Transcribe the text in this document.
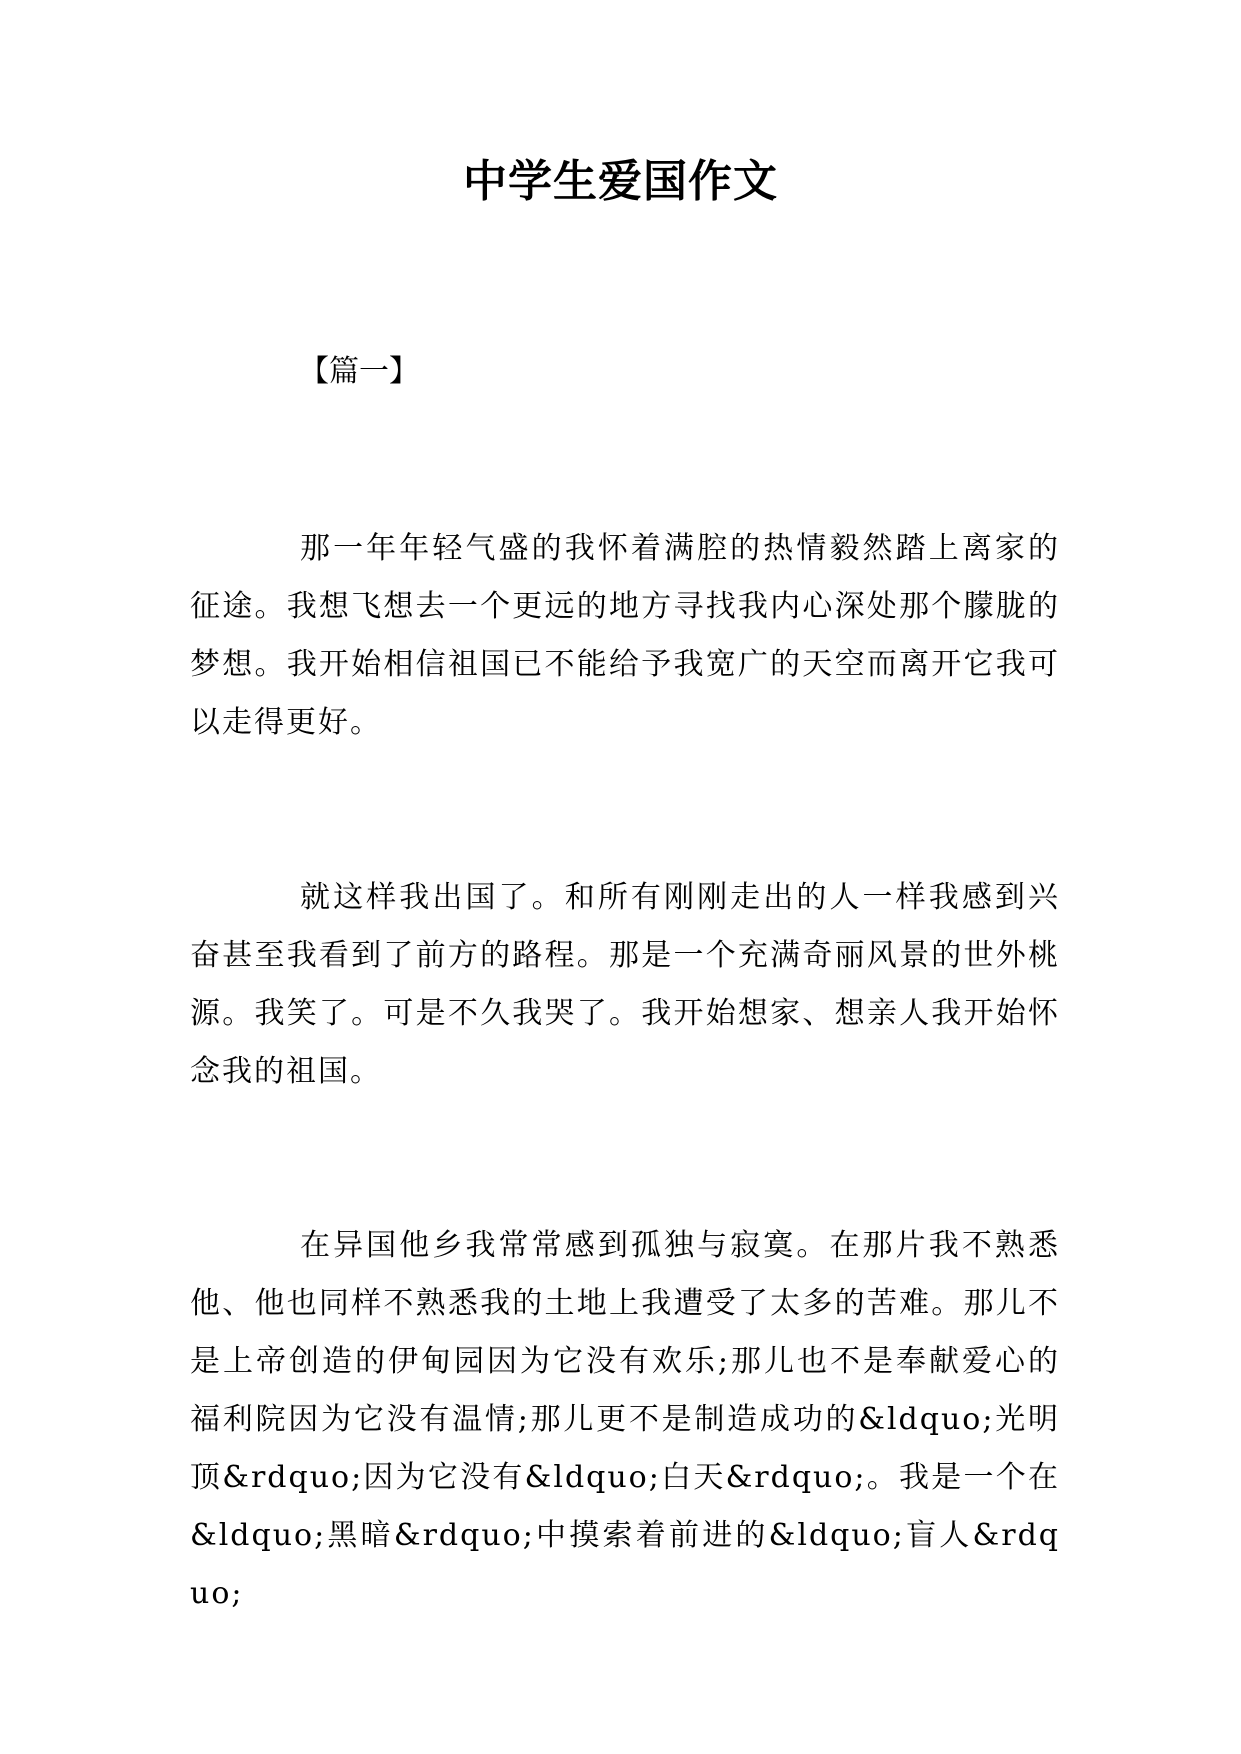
中学生爱国作文
【篇一】

那一年年轻气盛的我怀着满腔的热情毅然踏上离家的征途。我想飞想去一个更远的地方寻找我内心深处那个朦胧的梦想。我开始相信祖国已不能给予我宽广的天空而离开它我可以走得更好。

就这样我出国了。和所有刚刚走出的人一样我感到兴奋甚至我看到了前方的路程。那是一个充满奇丽风景的世外桃源。我笑了。可是不久我哭了。我开始想家、想亲人我开始怀念我的祖国。

在异国他乡我常常感到孤独与寂寞。在那片我不熟悉他、他也同样不熟悉我的土地上我遭受了太多的苦难。那儿不是上帝创造的伊甸园因为它没有欢乐;那儿也不是奉献爱心的福利院因为它没有温情;那儿更不是制造成功的&ldquo;光明顶&rdquo;因为它没有&ldquo;白天&rdquo;。我是一个在&ldquo;黑暗&rdquo;中摸索着前进的&ldquo;盲人&rdquo;
